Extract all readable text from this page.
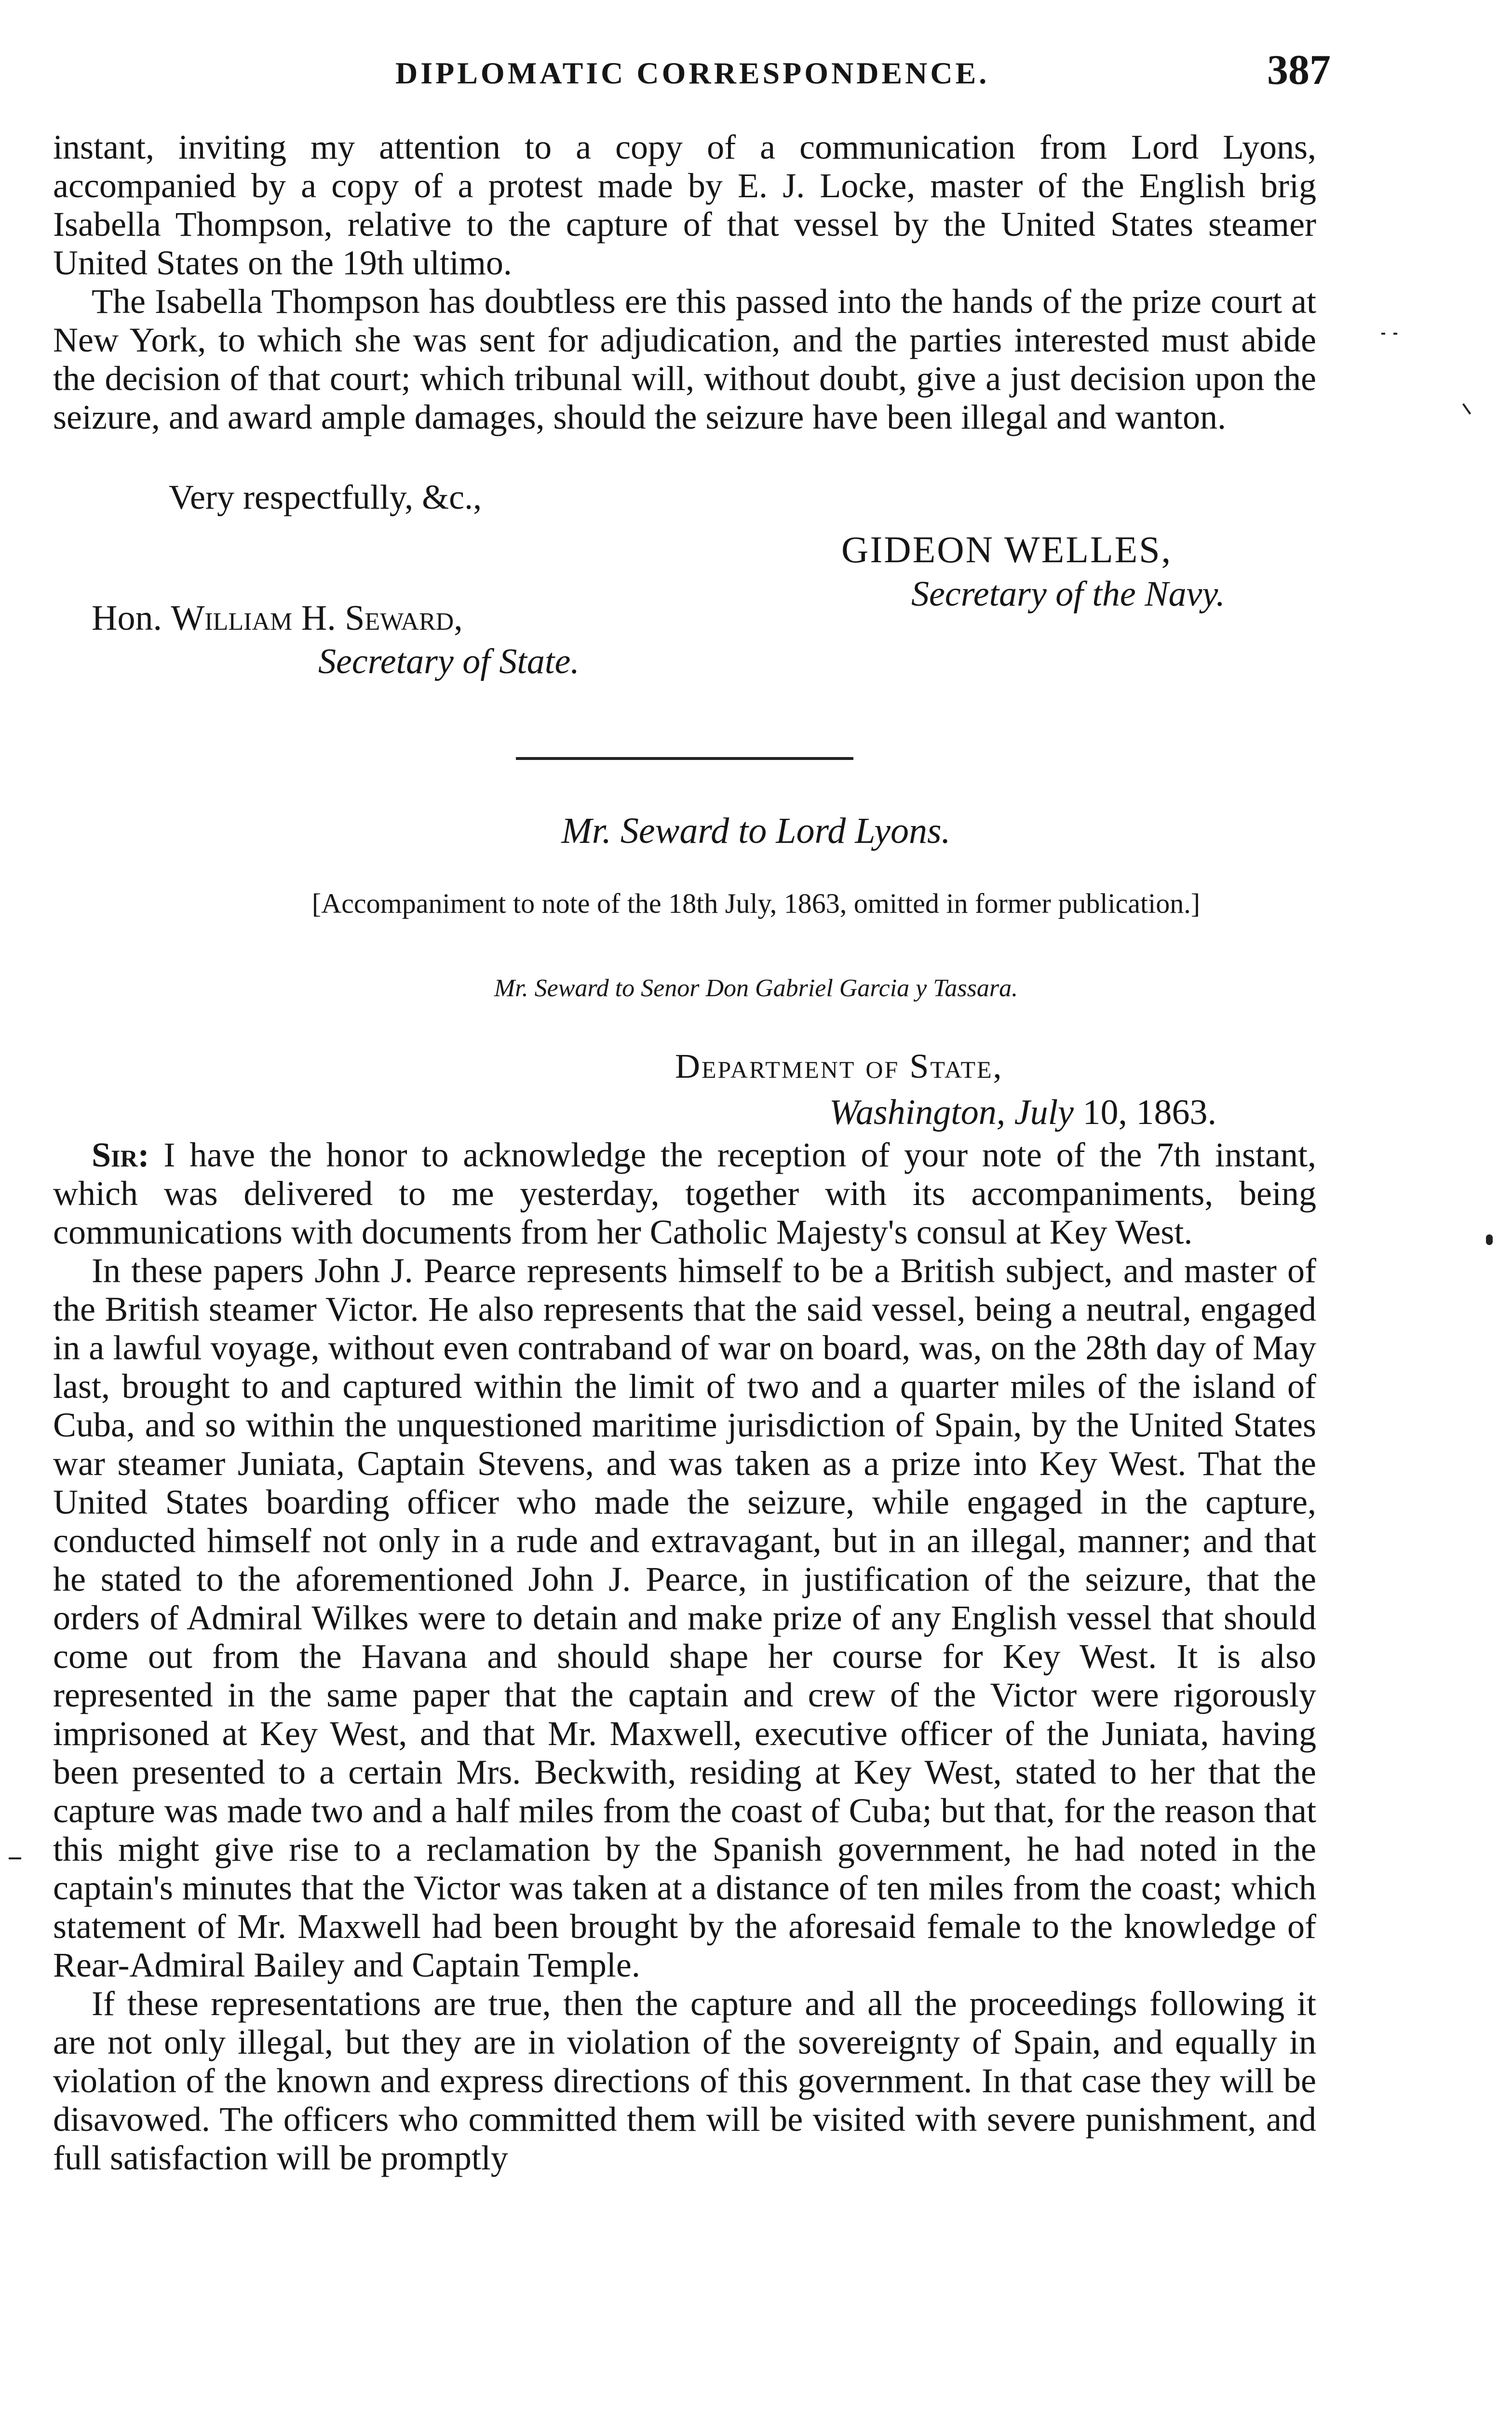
DIPLOMATIC CORRESPONDENCE.	387

instant, inviting my attention to a copy of a communication from Lord Lyons, accompanied by a copy of a protest made by E. J. Locke, master of the English brig Isabella Thompson, relative to the capture of that vessel by the United States steamer United States on the 19th ultimo.

The Isabella Thompson has doubtless ere this passed into the hands of the prize court at New York, to which she was sent for adjudication, and the parties interested must abide the decision of that court; which tribunal will, without doubt, give a just decision upon the seizure, and award ample damages, should the seizure have been illegal and wanton.

Very respectfully, &c.,
GIDEON WELLES,
Secretary of the Navy.
Hon. William H. Seward,
Secretary of State.
Mr. Seward to Lord Lyons.
[Accompaniment to note of the 18th July, 1863, omitted in former publication.]
Mr. Seward to Senor Don Gabriel Garcia y Tassara.
Department of State,
Washington, July 10, 1863.

Sir: I have the honor to acknowledge the reception of your note of the 7th instant, which was delivered to me yesterday, together with its accompaniments, being communications with documents from her Catholic Majesty's consul at Key West.

In these papers John J. Pearce represents himself to be a British subject, and master of the British steamer Victor. He also represents that the said vessel, being a neutral, engaged in a lawful voyage, without even contraband of war on board, was, on the 28th day of May last, brought to and captured within the limit of two and a quarter miles of the island of Cuba, and so within the unquestioned maritime jurisdiction of Spain, by the United States war steamer Juniata, Captain Stevens, and was taken as a prize into Key West. That the United States boarding officer who made the seizure, while engaged in the capture, conducted himself not only in a rude and extravagant, but in an illegal, manner; and that he stated to the aforementioned John J. Pearce, in justification of the seizure, that the orders of Admiral Wilkes were to detain and make prize of any English vessel that should come out from the Havana and should shape her course for Key West. It is also represented in the same paper that the captain and crew of the Victor were rigorously imprisoned at Key West, and that Mr. Maxwell, executive officer of the Juniata, having been presented to a certain Mrs. Beckwith, residing at Key West, stated to her that the capture was made two and a half miles from the coast of Cuba; but that, for the reason that this might give rise to a reclamation by the Spanish government, he had noted in the captain's minutes that the Victor was taken at a distance of ten miles from the coast; which statement of Mr. Maxwell had been brought by the aforesaid female to the knowledge of Rear-Admiral Bailey and Captain Temple.

If these representations are true, then the capture and all the proceedings following it are not only illegal, but they are in violation of the sovereignty of Spain, and equally in violation of the known and express directions of this government. In that case they will be disavowed. The officers who committed them will be visited with severe punishment, and full satisfaction will be promptly
